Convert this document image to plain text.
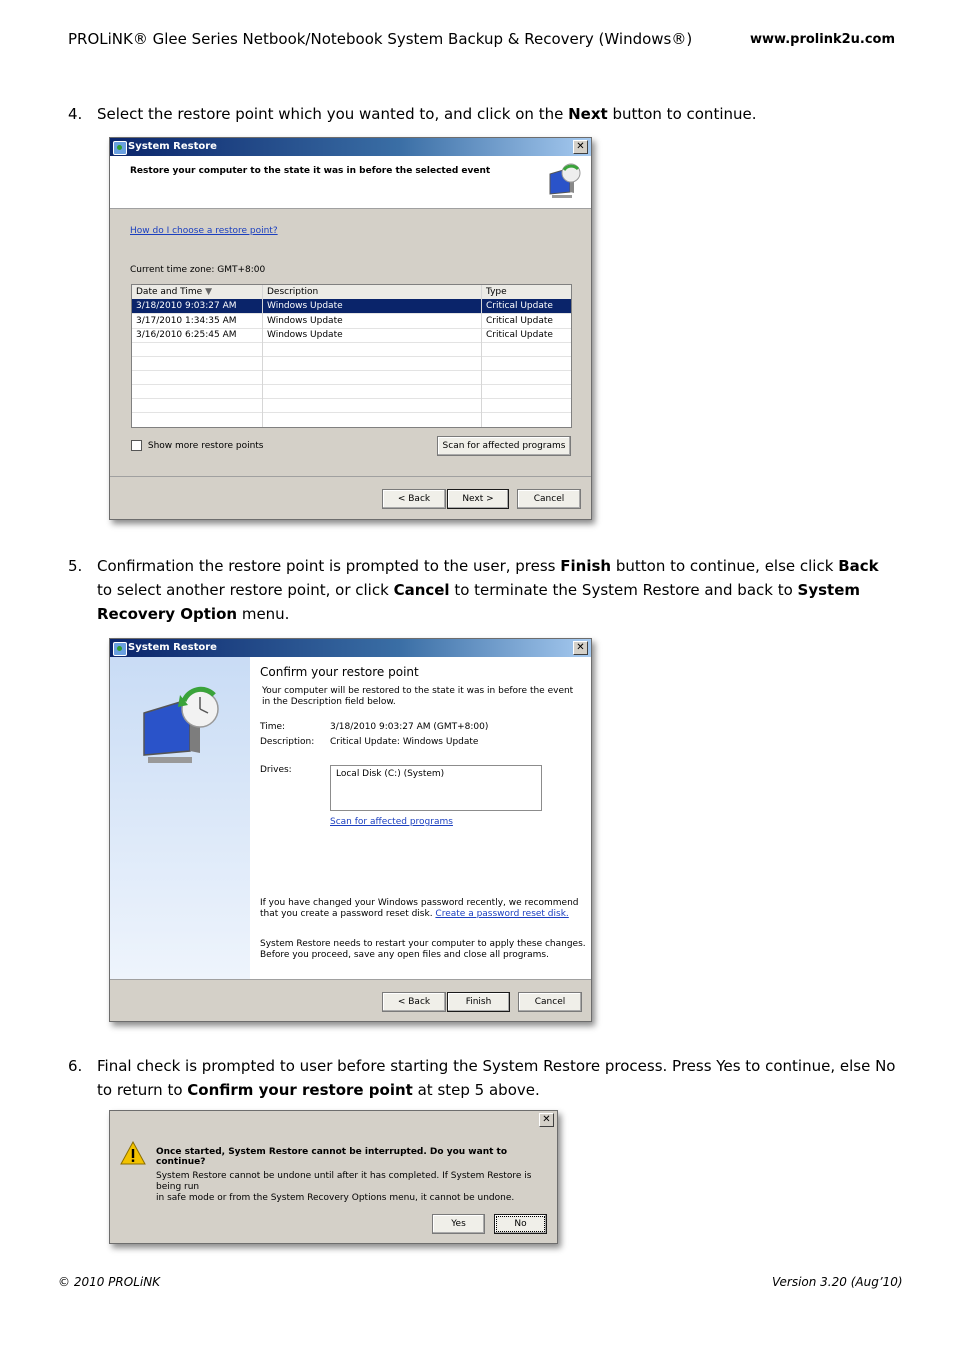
PROLiNK® Glee Series Netbook/Notebook System Backup & Recovery (Windows®)	www.prolink2u.com
4. Select the restore point which you wanted to, and click on the Next button to continue.
System Restore	✕
Restore your computer to the state it was in before the selected event
How do I choose a restore point?
Current time zone: GMT+8:00
Date and Time ▼	Description	Type
3/18/2010 9:03:27 AM	Windows Update	Critical Update
3/17/2010 1:34:35 AM	Windows Update	Critical Update
3/16/2010 6:25:45 AM	Windows Update	Critical Update
Show more restore points	Scan for affected programs
< Back	Next >	Cancel
5. Confirmation the restore point is prompted to the user, press Finish button to continue, else click Back to select another restore point, or click Cancel to terminate the System Restore and back to System Recovery Option menu.
System Restore	✕
Confirm your restore point
Your computer will be restored to the state it was in before the event
in the Description field below.
Time:	3/18/2010 9:03:27 AM (GMT+8:00)
Description: Critical Update: Windows Update
Drives:	Local Disk (C:) (System)
Scan for affected programs
If you have changed your Windows password recently, we recommend
that you create a password reset disk. Create a password reset disk.
System Restore needs to restart your computer to apply these changes.
Before you proceed, save any open files and close all programs.
< Back	Finish	Cancel
6. Final check is prompted to user before starting the System Restore process. Press Yes to continue, else No to return to Confirm your restore point at step 5 above.
✕
Once started, System Restore cannot be interrupted. Do you want to continue?
System Restore cannot be undone until after it has completed. If System Restore is being run
in safe mode or from the System Recovery Options menu, it cannot be undone.
Yes	No
© 2010 PROLiNK	Version 3.20 (Aug’10)
